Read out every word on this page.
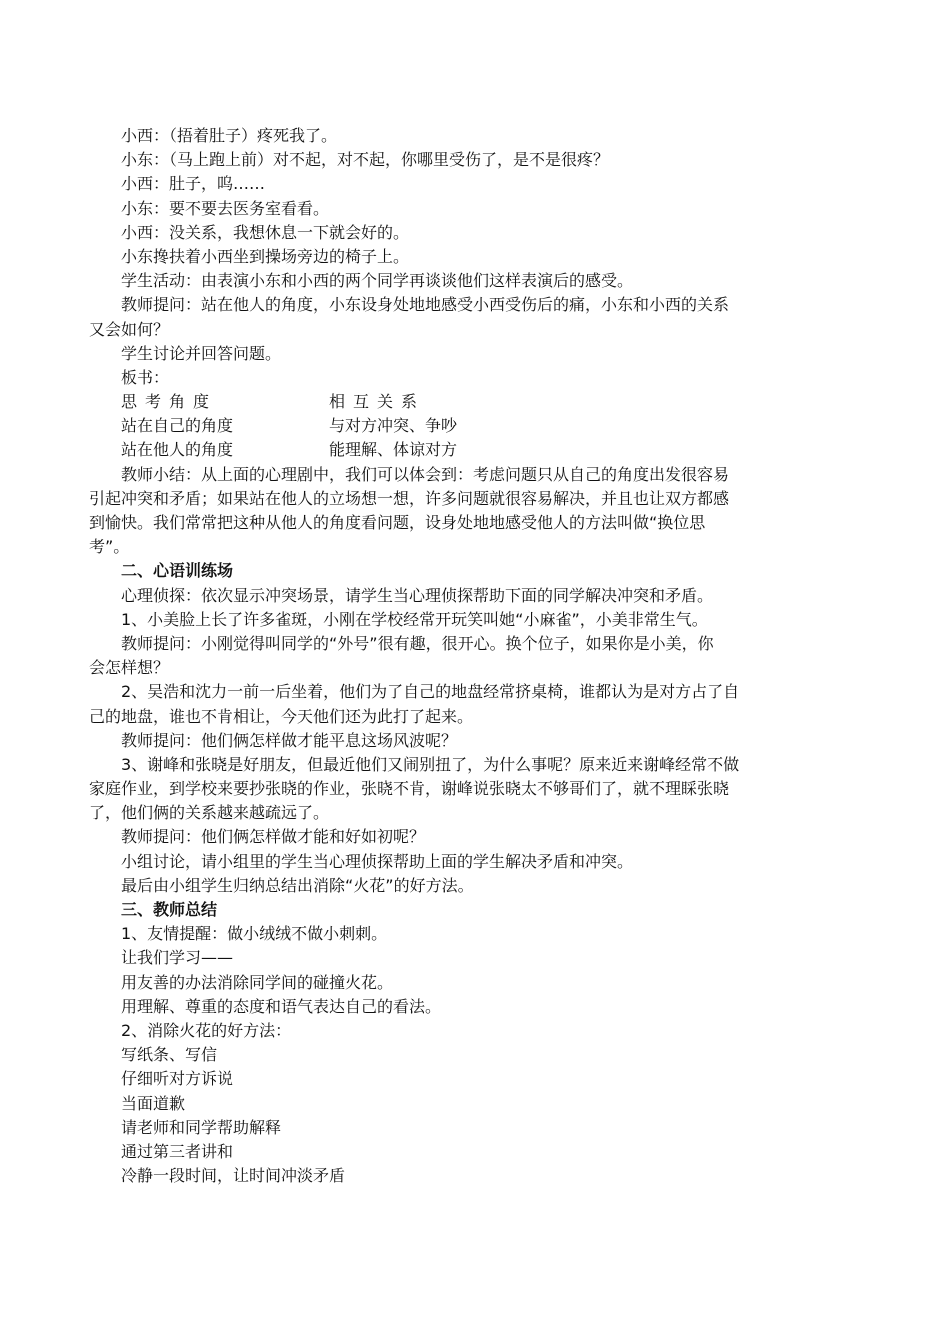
小西：（捂着肚子）疼死我了。
小东：（马上跑上前）对不起，对不起，你哪里受伤了，是不是很疼？
小西：肚子，呜……
小东：要不要去医务室看看。
小西：没关系，我想休息一下就会好的。
小东搀扶着小西坐到操场旁边的椅子上。
学生活动：由表演小东和小西的两个同学再谈谈他们这样表演后的感受。
教师提问：站在他人的角度，小东设身处地地感受小西受伤后的痛，小东和小西的关系
又会如何？
学生讨论并回答问题。
板书：
思考角度	相互关系
站在自己的角度	与对方冲突、争吵
站在他人的角度	能理解、体谅对方
教师小结：从上面的心理剧中，我们可以体会到：考虑问题只从自己的角度出发很容易
引起冲突和矛盾；如果站在他人的立场想一想，许多问题就很容易解决，并且也让双方都感
到愉快。我们常常把这种从他人的角度看问题，设身处地地感受他人的方法叫做“换位思
考”。
二、心语训练场
心理侦探：依次显示冲突场景，请学生当心理侦探帮助下面的同学解决冲突和矛盾。
1、小美脸上长了许多雀斑，小刚在学校经常开玩笑叫她“小麻雀”，小美非常生气。
教师提问：小刚觉得叫同学的“外号”很有趣，很开心。换个位子，如果你是小美，你
会怎样想？
2、吴浩和沈力一前一后坐着，他们为了自己的地盘经常挤桌椅，谁都认为是对方占了自
己的地盘，谁也不肯相让，今天他们还为此打了起来。
教师提问：他们俩怎样做才能平息这场风波呢？
3、谢峰和张晓是好朋友，但最近他们又闹别扭了，为什么事呢？原来近来谢峰经常不做
家庭作业，到学校来要抄张晓的作业，张晓不肯，谢峰说张晓太不够哥们了，就不理睬张晓
了，他们俩的关系越来越疏远了。
教师提问：他们俩怎样做才能和好如初呢？
小组讨论，请小组里的学生当心理侦探帮助上面的学生解决矛盾和冲突。
最后由小组学生归纳总结出消除“火花”的好方法。
三、教师总结
1、友情提醒：做小绒绒不做小刺刺。
让我们学习——
用友善的办法消除同学间的碰撞火花。
用理解、尊重的态度和语气表达自己的看法。
2、消除火花的好方法：
写纸条、写信
仔细听对方诉说
当面道歉
请老师和同学帮助解释
通过第三者讲和
冷静一段时间，让时间冲淡矛盾
